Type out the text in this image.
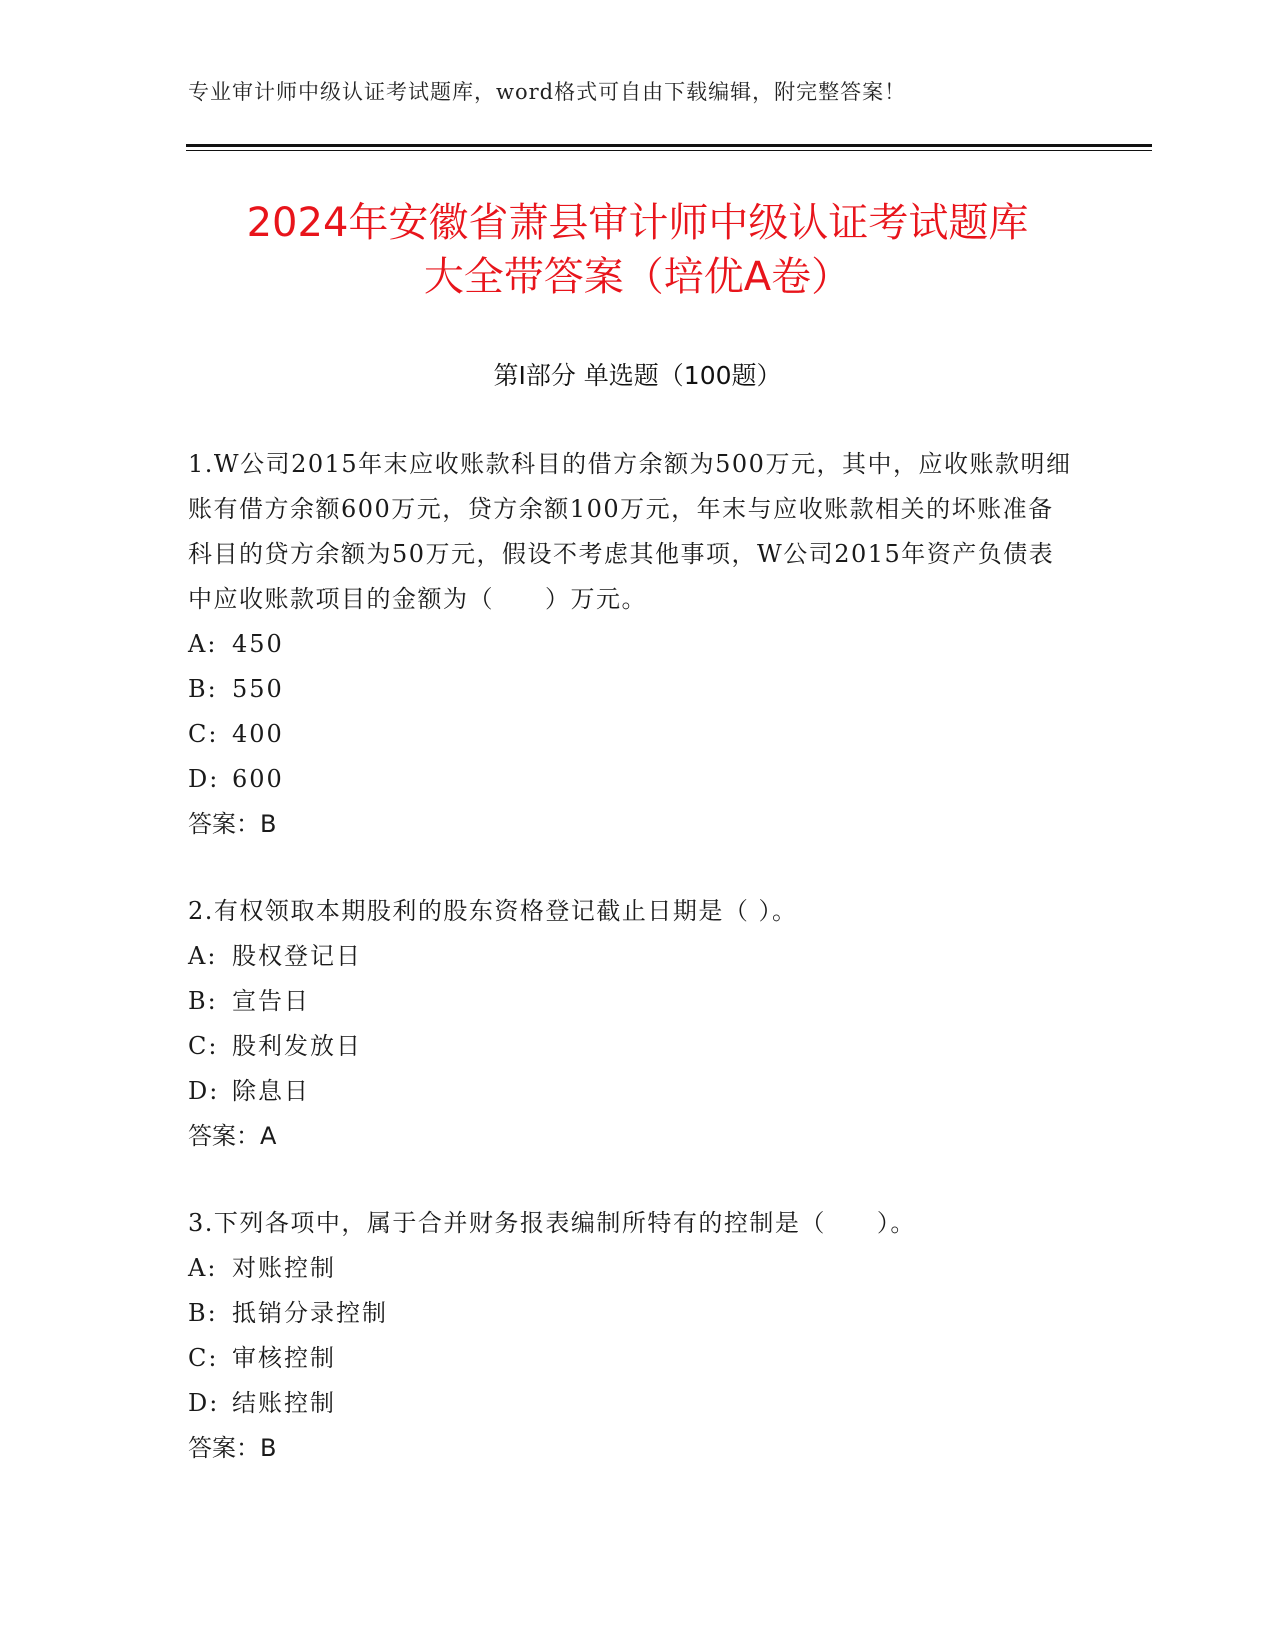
专业审计师中级认证考试题库，word格式可自由下载编辑，附完整答案！
2024年安徽省萧县审计师中级认证考试题库
大全带答案（培优A卷）
第I部分 单选题（100题）

1.W公司2015年末应收账款科目的借方余额为500万元，其中，应收账款明细账有借方余额600万元，贷方余额100万元，年末与应收账款相关的坏账准备科目的贷方余额为50万元，假设不考虑其他事项，W公司2015年资产负债表中应收账款项目的金额为（　　）万元。

A: 450

B: 550

C: 400

D: 600

答案：B

2.有权领取本期股利的股东资格登记截止日期是（ ）。

A: 股权登记日

B: 宣告日

C: 股利发放日

D: 除息日

答案：A

3.下列各项中，属于合并财务报表编制所特有的控制是（　　）。

A: 对账控制

B: 抵销分录控制

C: 审核控制

D: 结账控制

答案：B
